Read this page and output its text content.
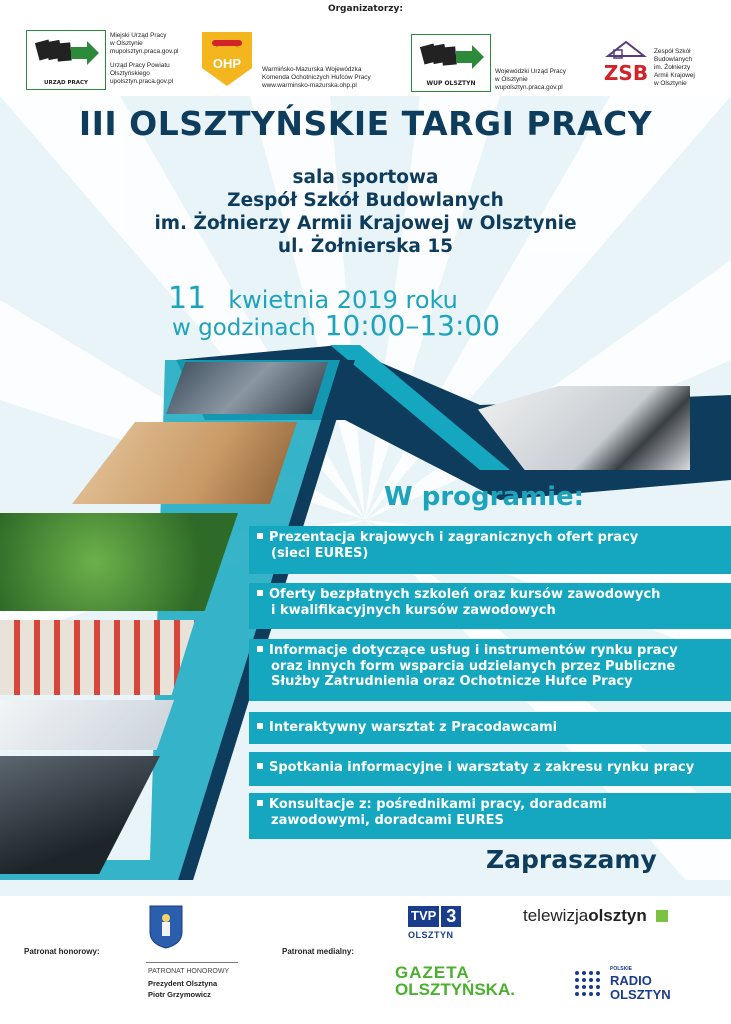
Organizatorzy:
URZĄD PRACY
Miejski Urząd Pracy
w Olsztynie
mupolsztyn.praca.gov.pl
Urząd Pracy Powiatu
Olsztyńskiego
upolsztyn.praca.gov.pl
OHP	Warmińsko-Mazurska Wojewódzka
Komenda Ochotniczych Hufców Pracy
www.warminsko-mazurska.ohp.pl	WUP OLSZTYN
Wojewódzki Urząd Pracy
w Olsztynie
wupolsztyn.praca.gov.pl
ZSB
Zespół Szkół
Budowlanych
im. Żołnierzy
Armii Krajowej
w Olsztynie
III OLSZTYŃSKIE TARGI PRACY
sala sportowa
Zespół Szkół Budowlanych
im. Żołnierzy Armii Krajowej w Olsztynie
ul. Żołnierska 15
11 kwietnia 2019 roku
w godzinach 10:00–13:00
W programie:
Prezentacja krajowych i zagranicznych ofert pracy
(sieci EURES)
Oferty bezpłatnych szkoleń oraz kursów zawodowych
i kwalifikacyjnych kursów zawodowych
Informacje dotyczące usług i instrumentów rynku pracy
oraz innych form wsparcia udzielanych przez Publiczne
Służby Zatrudnienia oraz Ochotnicze Hufce Pracy
Interaktywny warsztat z Pracodawcami
Spotkania informacyjne i warsztaty z zakresu rynku pracy
Konsultacje z: pośrednikami pracy, doradcami
zawodowymi, doradcami EURES
Zapraszamy
Patronat honorowy:
PATRONAT HONOROWY
Prezydent Olsztyna
Piotr Grzymowicz
Patronat medialny:
TVP 3
OLSZTYN
telewizjaolsztyn
GAZETA
OLSZTYŃSKA.
POLSKIE
RADIO
OLSZTYN
